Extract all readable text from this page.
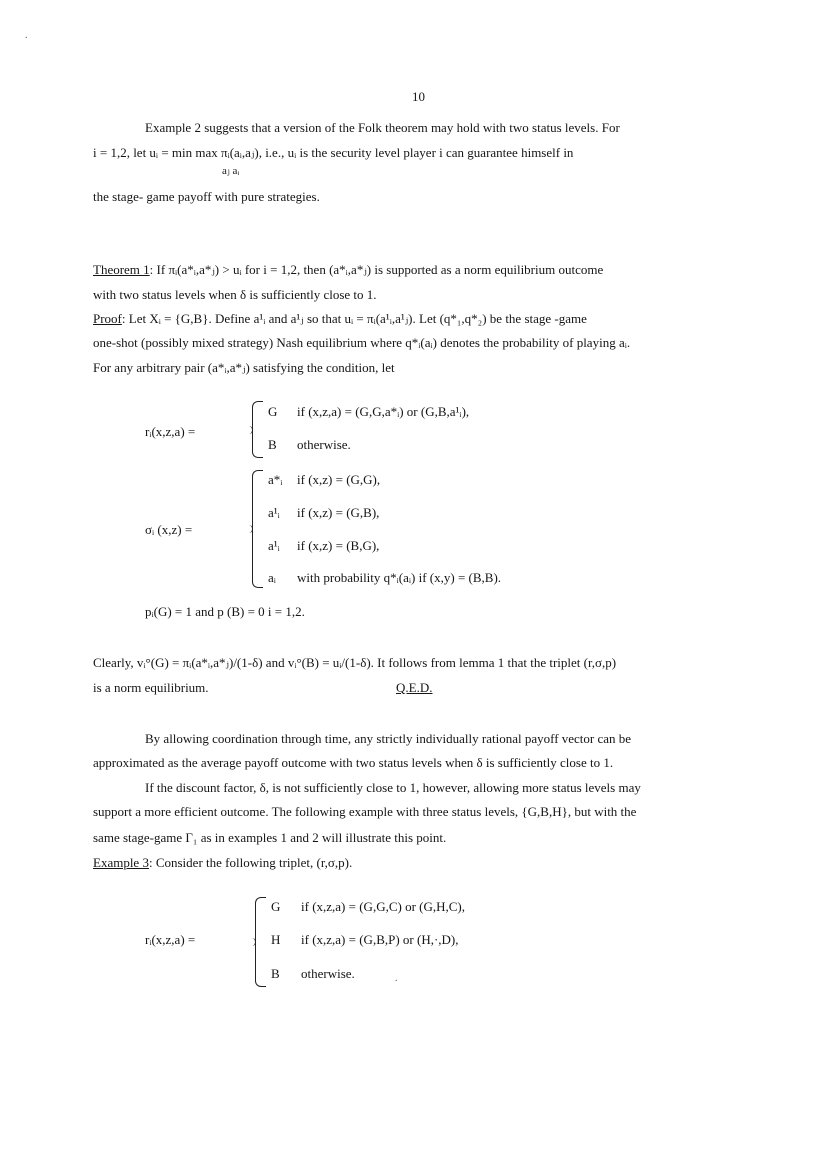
10
Example 2 suggests that a version of the Folk theorem may hold with two status levels. For
i = 1,2, let uᵢ = min max πᵢ(aᵢ,aⱼ), i.e., uᵢ is the security level player i can guarantee himself in
aⱼ aᵢ
the stage- game payoff with pure strategies.
Theorem 1: If πᵢ(a*ᵢ,a*ⱼ) > uᵢ for i = 1,2, then (a*ᵢ,a*ⱼ) is supported as a norm equilibrium outcome
with two status levels when δ is sufficiently close to 1.
Proof: Let Xᵢ = {G,B}. Define a¹ᵢ and a¹ⱼ so that uᵢ = πᵢ(a¹ᵢ,a¹ⱼ). Let (q*₁,q*₂) be the stage -game
one-shot (possibly mixed strategy) Nash equilibrium where q*ᵢ(aᵢ) denotes the probability of playing aᵢ.
For any arbitrary pair (a*ᵢ,a*ⱼ) satisfying the condition, let
rᵢ(x,z,a) =
G if (x,z,a) = (G,G,a*ᵢ) or (G,B,a¹ᵢ),
B otherwise.
σᵢ (x,z) =
a*ᵢ if (x,z) = (G,G),
a¹ᵢ if (x,z) = (G,B),
a¹ᵢ if (x,z) = (B,G),
aᵢ with probability q*ᵢ(aᵢ) if (x,y) = (B,B).
pᵢ(G) = 1 and p (B) = 0 i = 1,2.
Clearly, vᵢ°(G) = πᵢ(a*ᵢ,a*ⱼ)/(1-δ) and vᵢ°(B) = uᵢ/(1-δ). It follows from lemma 1 that the triplet (r,σ,p)
is a norm equilibrium.	Q.E.D.
By allowing coordination through time, any strictly individually rational payoff vector can be
approximated as the average payoff outcome with two status levels when δ is sufficiently close to 1.
If the discount factor, δ, is not sufficiently close to 1, however, allowing more status levels may
support a more efficient outcome. The following example with three status levels, {G,B,H}, but with the
same stage-game Γ₁ as in examples 1 and 2 will illustrate this point.
Example 3: Consider the following triplet, (r,σ,p).
rᵢ(x,z,a) =
G if (x,z,a) = (G,G,C) or (G,H,C),
H if (x,z,a) = (G,B,P) or (H,·,D),
B otherwise.
.
.
